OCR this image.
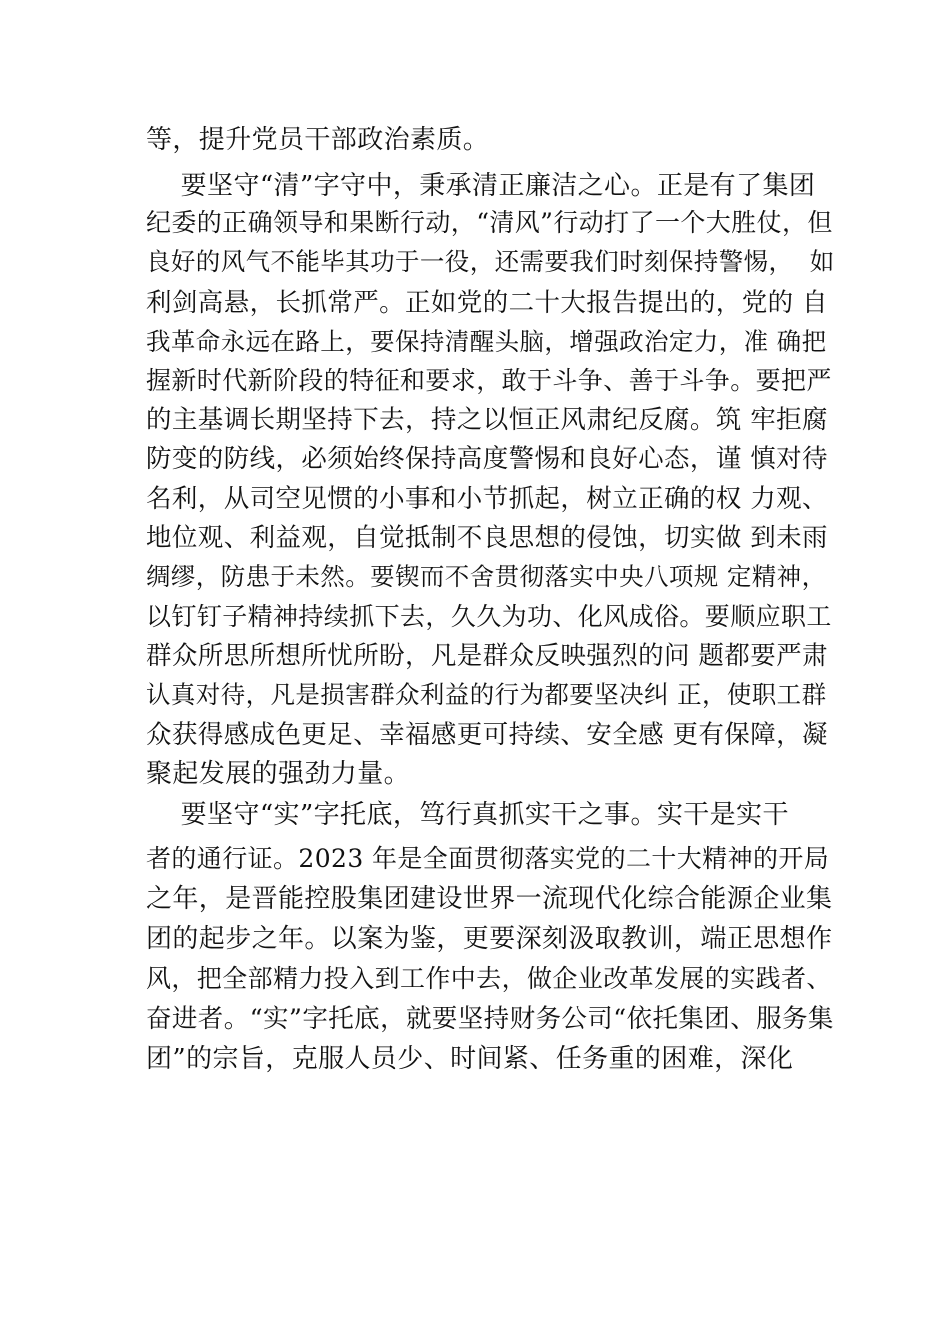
等，提升党员干部政治素质。
要坚守“清”字守中，秉承清正廉洁之心。正是有了集团
纪委的正确领导和果断行动，“清风”行动打了一个大胜仗，但
良好的风气不能毕其功于一役，还需要我们时刻保持警惕，  如
利剑高悬，长抓常严。正如党的二十大报告提出的，党的 自
我革命永远在路上，要保持清醒头脑，增强政治定力，准 确把
握新时代新阶段的特征和要求，敢于斗争、善于斗争。要把严
的主基调长期坚持下去，持之以恒正风肃纪反腐。筑 牢拒腐
防变的防线，必须始终保持高度警惕和良好心态，谨 慎对待
名利，从司空见惯的小事和小节抓起，树立正确的权 力观、
地位观、利益观，自觉抵制不良思想的侵蚀，切实做 到未雨
绸缪，防患于未然。要锲而不舍贯彻落实中央八项规 定精神，
以钉钉子精神持续抓下去，久久为功、化风成俗。要顺应职工
群众所思所想所忧所盼，凡是群众反映强烈的问 题都要严肃
认真对待，凡是损害群众利益的行为都要坚决纠 正，使职工群
众获得感成色更足、幸福感更可持续、安全感 更有保障，凝
聚起发展的强劲力量。
要坚守“实”字托底，笃行真抓实干之事。实干是实干
者的通行证。2023 年是全面贯彻落实党的二十大精神的开局
之年，是晋能控股集团建设世界一流现代化综合能源企业集
团的起步之年。以案为鉴，更要深刻汲取教训，端正思想作
风，把全部精力投入到工作中去，做企业改革发展的实践者、
奋进者。“实”字托底，就要坚持财务公司“依托集团、服务集
团”的宗旨，克服人员少、时间紧、任务重的困难，深化
